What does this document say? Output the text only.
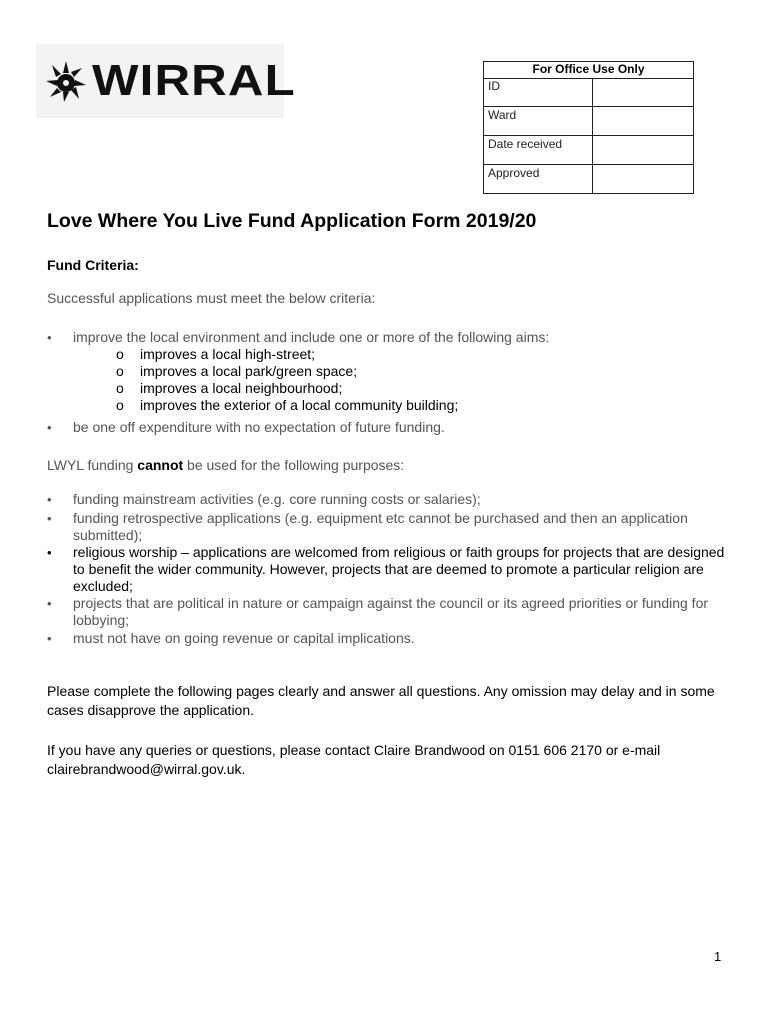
WIRRAL	For Office Use Only	
ID	
Ward	
Date received	
Approved	
Love Where You Live Fund Application Form 2019/20

Fund Criteria:

Successful applications must meet the below criteria:

•	improve the local environment and include one or more of the following aims:
o improves a local high-street;
o improves a local park/green space;
o improves a local neighbourhood;
o improves the exterior of a local community building;
•	be one off expenditure with no expectation of future funding.

LWYL funding cannot be used for the following purposes:

•	funding mainstream activities (e.g. core running costs or salaries);
•	funding retrospective applications (e.g. equipment etc cannot be purchased and then an application submitted);
•	religious worship – applications are welcomed from religious or faith groups for projects that are designed to benefit the wider community. However, projects that are deemed to promote a particular religion are excluded;
•	projects that are political in nature or campaign against the council or its agreed priorities or funding for lobbying;
•	must not have on going revenue or capital implications.

Please complete the following pages clearly and answer all questions. Any omission may delay and in some cases disapprove the application.

If you have any queries or questions, please contact Claire Brandwood on 0151 606 2170 or e-mail clairebrandwood@wirral.gov.uk.

1
